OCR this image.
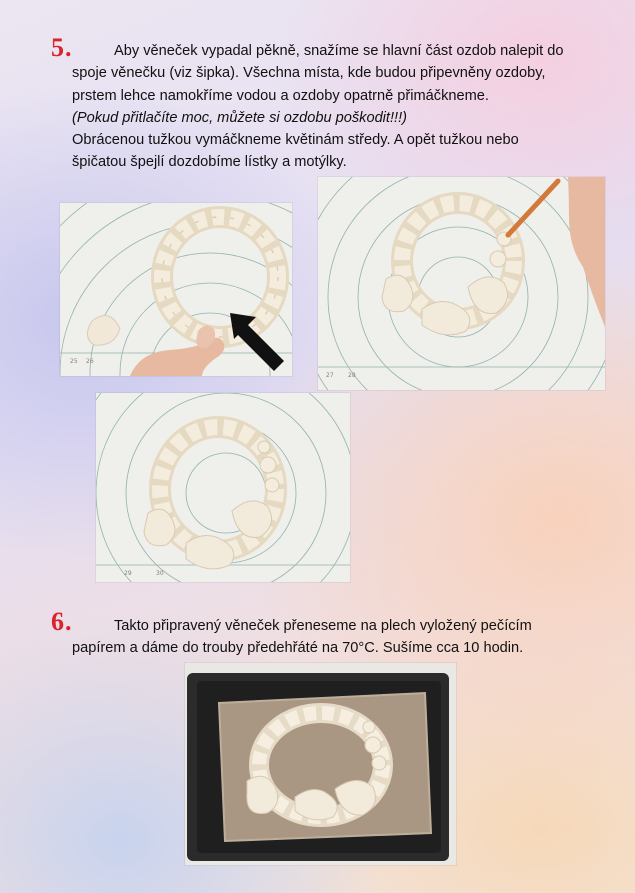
5.	Aby věneček vypadal pěkně, snažíme se hlavní část ozdob nalepit do
spoje věnečku (viz šipka). Všechna místa, kde budou připevněny ozdoby,
prstem lehce namokříme vodou a ozdoby opatrně přimáčkneme.
(Pokud přitlačíte moc, můžete si ozdobu poškodit!!!)
Obrácenou tužkou vymáčkneme květinám středy. A opět tužkou nebo
špičatou špejlí dozdobíme lístky a motýlky.

25 26
27 28
29	30
6.	Takto připravený věneček přeneseme na plech vyložený pečícím
papírem a dáme do trouby předehřáté na 70°C. Sušíme cca 10 hodin.
